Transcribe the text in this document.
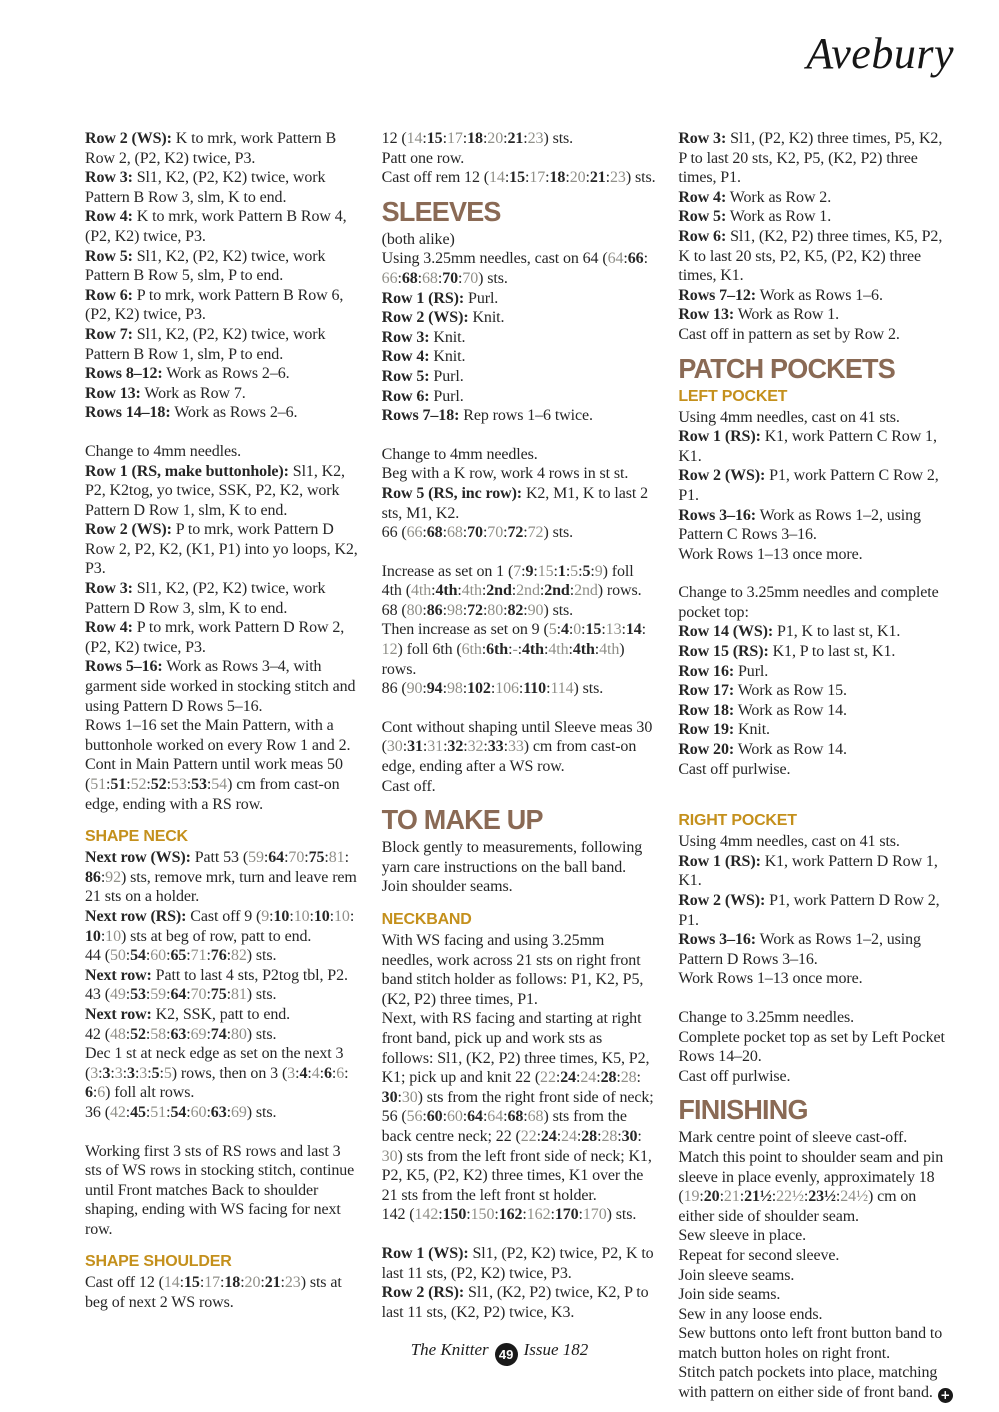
Avebury

Row 2 (WS): K to mrk, work Pattern B Row 2, (P2, K2) twice, P3.

Row 3: Sl1, K2, (P2, K2) twice, work Pattern B Row 3, slm, K to end.

Row 4: K to mrk, work Pattern B Row 4, (P2, K2) twice, P3.

Row 5: Sl1, K2, (P2, K2) twice, work Pattern B Row 5, slm, P to end.

Row 6: P to mrk, work Pattern B Row 6, (P2, K2) twice, P3.

Row 7: Sl1, K2, (P2, K2) twice, work Pattern B Row 1, slm, P to end.

Rows 8–12: Work as Rows 2–6.

Row 13: Work as Row 7.

Rows 14–18: Work as Rows 2–6.

Change to 4mm needles.

Row 1 (RS, make buttonhole): Sl1, K2, P2, K2tog, yo twice, SSK, P2, K2, work Pattern D Row 1, slm, K to end.

Row 2 (WS): P to mrk, work Pattern D Row 2, P2, K2, (K1, P1) into yo loops, K2, P3.

Row 3: Sl1, K2, (P2, K2) twice, work Pattern D Row 3, slm, K to end.

Row 4: P to mrk, work Pattern D Row 2, (P2, K2) twice, P3.

Rows 5–16: Work as Rows 3–4, with garment side worked in stocking stitch and using Pattern D Rows 5–16.

Rows 1–16 set the Main Pattern, with a buttonhole worked on every Row 1 and 2.

Cont in Main Pattern until work meas 50 (51:51:52:52:53:53:54) cm from cast-on edge, ending with a RS row.

SHAPE NECK

Next row (WS): Patt 53 (59:64:70:75:81:86:92) sts, remove mrk, turn and leave rem 21 sts on a holder.

Next row (RS): Cast off 9 (9:10:10:10:10:10:10) sts at beg of row, patt to end.

44 (50:54:60:65:71:76:82) sts.

Next row: Patt to last 4 sts, P2tog tbl, P2.

43 (49:53:59:64:70:75:81) sts.

Next row: K2, SSK, patt to end.

42 (48:52:58:63:69:74:80) sts.

Dec 1 st at neck edge as set on the next 3 (3:3:3:3:3:5:5) rows, then on 3 (3:4:4:6:6:6:6) foll alt rows.

36 (42:45:51:54:60:63:69) sts.

Working first 3 sts of RS rows and last 3 sts of WS rows in stocking stitch, continue until Front matches Back to shoulder shaping, ending with WS facing for next row.

SHAPE SHOULDER

Cast off 12 (14:15:17:18:20:21:23) sts at beg of next 2 WS rows.

12 (14:15:17:18:20:21:23) sts.

Patt one row.

Cast off rem 12 (14:15:17:18:20:21:23) sts.

SLEEVES

(both alike)

Using 3.25mm needles, cast on 64 (64:66:66:68:68:70:70) sts.

Row 1 (RS): Purl.

Row 2 (WS): Knit.

Row 3: Knit.

Row 4: Knit.

Row 5: Purl.

Row 6: Purl.

Rows 7–18: Rep rows 1–6 twice.

Change to 4mm needles.

Beg with a K row, work 4 rows in st st.

Row 5 (RS, inc row): K2, M1, K to last 2 sts, M1, K2.

66 (66:68:68:70:70:72:72) sts.

Increase as set on 1 (7:9:15:1:5:5:9) foll 4th (4th:4th:4th:2nd:2nd:2nd:2nd) rows.

68 (80:86:98:72:80:82:90) sts.

Then increase as set on 9 (5:4:0:15:13:14:12) foll 6th (6th:6th:-:4th:4th:4th:4th) rows.

86 (90:94:98:102:106:110:114) sts.

Cont without shaping until Sleeve meas 30 (30:31:31:32:32:33:33) cm from cast-on edge, ending after a WS row.

Cast off.

TO MAKE UP

Block gently to measurements, following yarn care instructions on the ball band.

Join shoulder seams.

NECKBAND

With WS facing and using 3.25mm needles, work across 21 sts on right front band stitch holder as follows: P1, K2, P5, (K2, P2) three times, P1.

Next, with RS facing and starting at right front band, pick up and work sts as follows: Sl1, (K2, P2) three times, K5, P2, K1; pick up and knit 22 (22:24:24:28:28:30:30) sts from the right front side of neck; 56 (56:60:60:64:64:68:68) sts from the back centre neck; 22 (22:24:24:28:28:30:30) sts from the left front side of neck; K1, P2, K5, (P2, K2) three times, K1 over the 21 sts from the left front st holder.

142 (142:150:150:162:162:170:170) sts.

Row 1 (WS): Sl1, (P2, K2) twice, P2, K to last 11 sts, (P2, K2) twice, P3.

Row 2 (RS): Sl1, (K2, P2) twice, K2, P to last 11 sts, (K2, P2) twice, K3.

Row 3: Sl1, (P2, K2) three times, P5, K2, P to last 20 sts, K2, P5, (K2, P2) three times, P1.

Row 4: Work as Row 2.

Row 5: Work as Row 1.

Row 6: Sl1, (K2, P2) three times, K5, P2, K to last 20 sts, P2, K5, (P2, K2) three times, K1.

Rows 7–12: Work as Rows 1–6.

Row 13: Work as Row 1.

Cast off in pattern as set by Row 2.

PATCH POCKETS
LEFT POCKET

Using 4mm needles, cast on 41 sts.

Row 1 (RS): K1, work Pattern C Row 1, K1.

Row 2 (WS): P1, work Pattern C Row 2, P1.

Rows 3–16: Work as Rows 1–2, using Pattern C Rows 3–16.

Work Rows 1–13 once more.

Change to 3.25mm needles and complete pocket top:

Row 14 (WS): P1, K to last st, K1.

Row 15 (RS): K1, P to last st, K1.

Row 16: Purl.

Row 17: Work as Row 15.

Row 18: Work as Row 14.

Row 19: Knit.

Row 20: Work as Row 14.

Cast off purlwise.

RIGHT POCKET

Using 4mm needles, cast on 41 sts.

Row 1 (RS): K1, work Pattern D Row 1, K1.

Row 2 (WS): P1, work Pattern D Row 2, P1.

Rows 3–16: Work as Rows 1–2, using Pattern D Rows 3–16.

Work Rows 1–13 once more.

Change to 3.25mm needles.

Complete pocket top as set by Left Pocket Rows 14–20.

Cast off purlwise.

FINISHING

Mark centre point of sleeve cast-off.

Match this point to shoulder seam and pin sleeve in place evenly, approximately 18 (19:20:21:21½:22½:23½:24½) cm on either side of shoulder seam.

Sew sleeve in place.

Repeat for second sleeve.

Join sleeve seams.

Join side seams.

Sew in any loose ends.

Sew buttons onto left front button band to match button holes on right front.

Stitch patch pockets into place, matching with pattern on either side of front band. +

The Knitter 49 Issue 182
